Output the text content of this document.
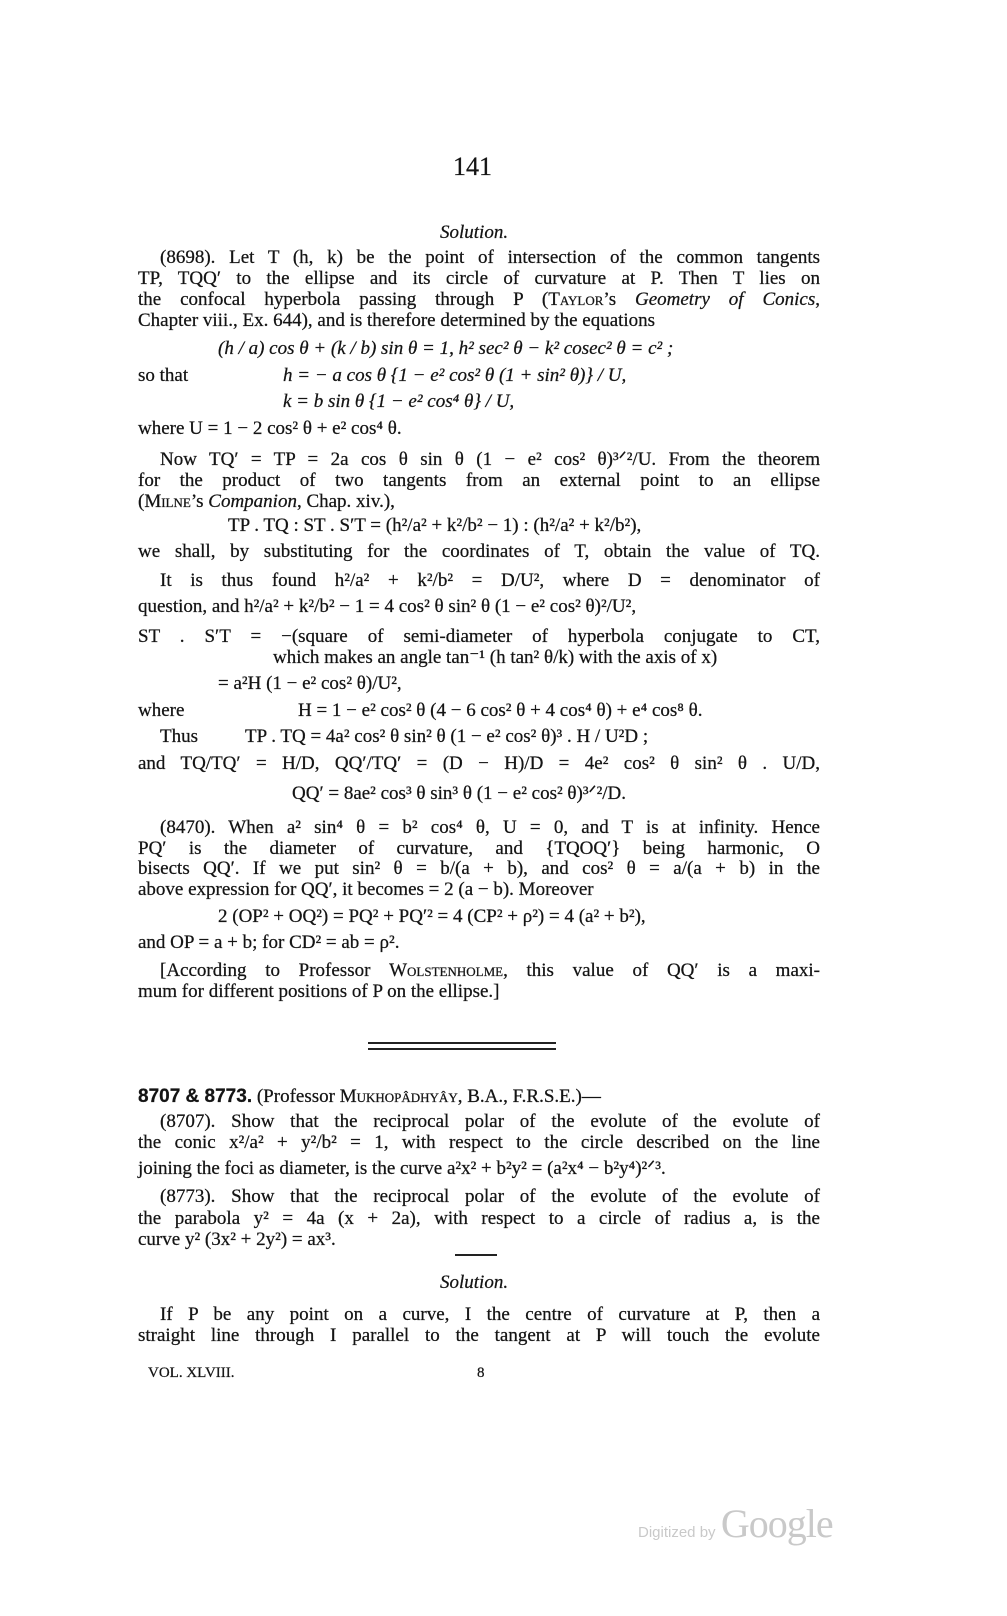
141
Solution.
(8698). Let T (h, k) be the point of intersection of the common tangents
TP, TQQ′ to the ellipse and its circle of curvature at P. Then T lies on
the confocal hyperbola passing through P (Taylor’s Geometry of Conics,
Chapter viii., Ex. 644), and is therefore determined by the equations
(h / a) cos θ + (k / b) sin θ = 1, h² sec² θ − k² cosec² θ = c² ;
so that	h = − a cos θ {1 − e² cos² θ (1 + sin² θ)} / U,
k = b sin θ {1 − e² cos⁴ θ} / U,
where U = 1 − 2 cos² θ + e² cos⁴ θ.
Now TQ′ = TP = 2a cos θ sin θ (1 − e² cos² θ)³ᐟ²/U. From the theorem
for the product of two tangents from an external point to an ellipse
(Milne’s Companion, Chap. xiv.),
TP . TQ : ST . S′T = (h²/a² + k²/b² − 1) : (h²/a² + k²/b²),
we shall, by substituting for the coordinates of T, obtain the value of TQ.
It is thus found h²/a² + k²/b² = D/U², where D = denominator of
question, and h²/a² + k²/b² − 1 = 4 cos² θ sin² θ (1 − e² cos² θ)²/U²,
ST . S′T = −(square of semi-diameter of hyperbola conjugate to CT,
which makes an angle tan⁻¹ (h tan² θ/k) with the axis of x)
= a²H (1 − e² cos² θ)/U²,
where	H = 1 − e² cos² θ (4 − 6 cos² θ + 4 cos⁴ θ) + e⁴ cos⁸ θ.
Thus TP . TQ = 4a² cos² θ sin² θ (1 − e² cos² θ)³ . H / U²D ;
and TQ/TQ′ = H/D, QQ′/TQ′ = (D − H)/D = 4e² cos² θ sin² θ . U/D,
QQ′ = 8ae² cos³ θ sin³ θ (1 − e² cos² θ)³ᐟ²/D.
(8470). When a² sin⁴ θ = b² cos⁴ θ, U = 0, and T is at infinity. Hence
PQ′ is the diameter of curvature, and {TQOQ′} being harmonic, O
bisects QQ′. If we put sin² θ = b/(a + b), and cos² θ = a/(a + b) in the
above expression for QQ′, it becomes = 2 (a − b). Moreover
2 (OP² + OQ²) = PQ² + PQ′² = 4 (CP² + ρ²) = 4 (a² + b²),
and OP = a + b; for CD² = ab = ρ².
[According to Professor Wolstenholme, this value of QQ′ is a maxi-
mum for different positions of P on the ellipse.]
8707 & 8773. (Professor Mukhopâdhyây, B.A., F.R.S.E.)—
(8707). Show that the reciprocal polar of the evolute of the evolute of
the conic x²/a² + y²/b² = 1, with respect to the circle described on the line
joining the foci as diameter, is the curve a²x² + b²y² = (a²x⁴ − b²y⁴)²ᐟ³.
(8773). Show that the reciprocal polar of the evolute of the evolute of
the parabola y² = 4a (x + 2a), with respect to a circle of radius a, is the
curve y² (3x² + 2y²) = ax³.
Solution.
If P be any point on a curve, I the centre of curvature at P, then a
straight line through I parallel to the tangent at P will touch the evolute
VOL. XLVIII.	8
Digitized by Google
